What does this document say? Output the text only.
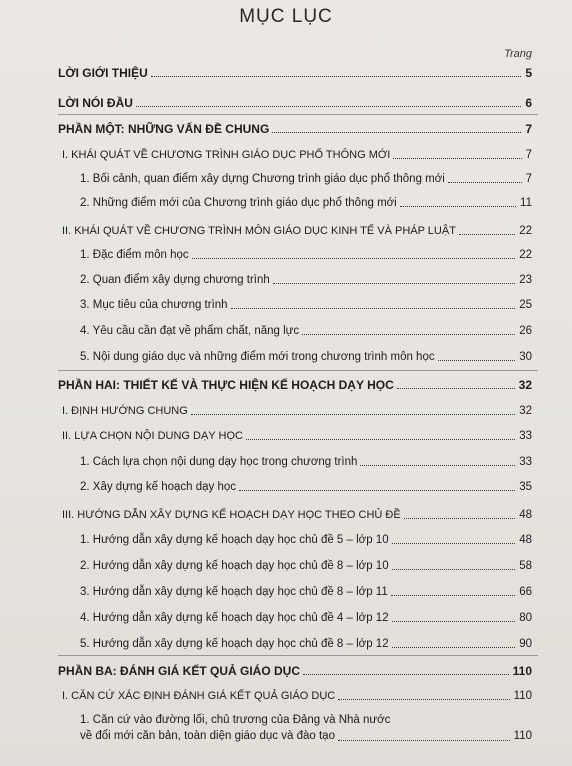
MỤC LỤC
Trang
LỜI GIỚI THIỆU	5
LỜI NÓI ĐẦU	6
PHẦN MỘT: NHỮNG VẤN ĐỀ CHUNG	7
I. KHÁI QUÁT VỀ CHƯƠNG TRÌNH GIÁO DỤC PHỔ THÔNG MỚI	7
1. Bối cảnh, quan điểm xây dựng Chương trình giáo dục phổ thông mới	7
2. Những điểm mới của Chương trình giáo dục phổ thông mới	11
II. KHÁI QUÁT VỀ CHƯƠNG TRÌNH MÔN GIÁO DỤC KINH TẾ VÀ PHÁP LUẬT	22
1. Đặc điểm môn học	22
2. Quan điểm xây dựng chương trình	23
3. Mục tiêu của chương trình	25
4. Yêu cầu cần đạt về phẩm chất, năng lực	26
5. Nội dung giáo dục và những điểm mới trong chương trình môn học	30
PHẦN HAI: THIẾT KẾ VÀ THỰC HIỆN KẾ HOẠCH DẠY HỌC	32
I. ĐỊNH HƯỚNG CHUNG	32
II. LỰA CHỌN NỘI DUNG DẠY HỌC	33
1. Cách lựa chọn nội dung dạy học trong chương trình	33
2. Xây dựng kế hoạch dạy học	35
III. HƯỚNG DẪN XÂY DỰNG KẾ HOẠCH DẠY HỌC THEO CHỦ ĐỀ	48
1. Hướng dẫn xây dựng kế hoạch dạy học chủ đề 5 – lớp 10	48
2. Hướng dẫn xây dựng kế hoạch dạy học chủ đề 8 – lớp 10	58
3. Hướng dẫn xây dựng kế hoạch dạy học chủ đề 8 – lớp 11	66
4. Hướng dẫn xây dựng kế hoạch dạy học chủ đề 4 – lớp 12	80
5. Hướng dẫn xây dựng kế hoạch dạy học chủ đề 8 – lớp 12	90
PHẦN BA: ĐÁNH GIÁ KẾT QUẢ GIÁO DỤC	110
I. CĂN CỨ XÁC ĐỊNH ĐÁNH GIÁ KẾT QUẢ GIÁO DỤC	110
1. Căn cứ vào đường lối, chủ trương của Đảng và Nhà nước
về đổi mới căn bản, toàn diện giáo dục và đào tạo	110
